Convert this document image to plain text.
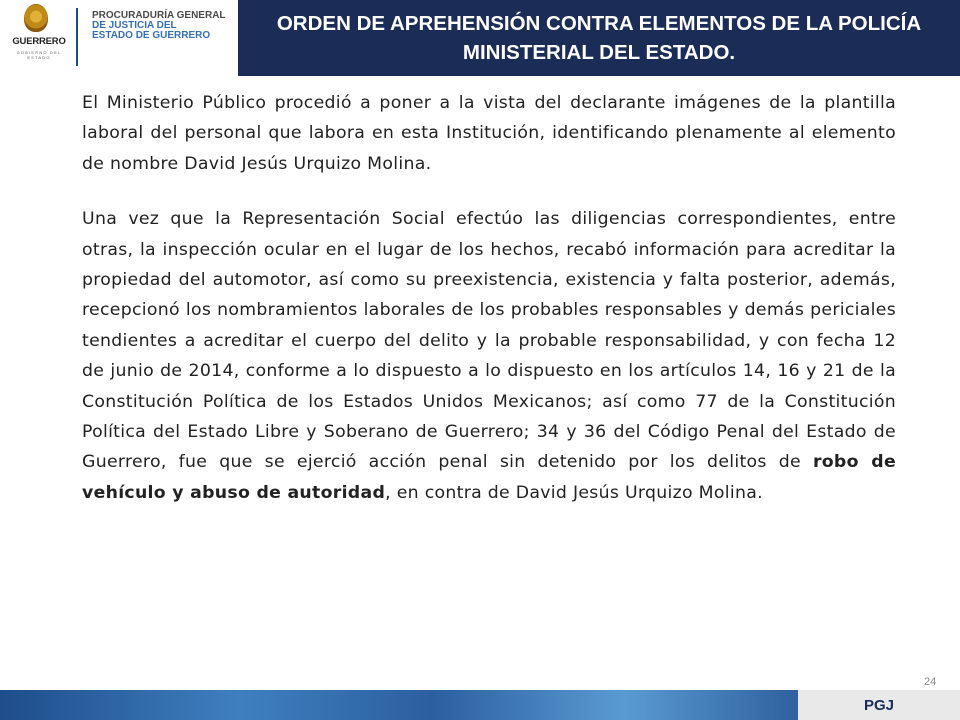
GUERRERO
GOBIERNO DEL ESTADO
PROCURADURÍA GENERAL
DE JUSTICIA DEL
ESTADO DE GUERRERO
ORDEN DE APREHENSIÓN CONTRA ELEMENTOS DE LA POLICÍA MINISTERIAL DEL ESTADO.

El Ministerio Público procedió a poner a la vista del declarante imágenes de la plantilla laboral del personal que labora en esta Institución, identificando plenamente al elemento de nombre David Jesús Urquizo Molina.

Una vez que la Representación Social efectúo las diligencias correspondientes, entre otras, la inspección ocular en el lugar de los hechos, recabó información para acreditar la propiedad del automotor, así como su preexistencia, existencia y falta posterior, además, recepcionó los nombramientos laborales de los probables responsables y demás periciales tendientes a acreditar el cuerpo del delito y la probable responsabilidad, y con fecha 12 de junio de 2014, conforme a lo dispuesto a lo dispuesto en los artículos 14, 16 y 21 de la Constitución Política de los Estados Unidos Mexicanos; así como 77 de la Constitución Política del Estado Libre y Soberano de Guerrero; 34 y 36 del Código Penal del Estado de Guerrero, fue que se ejerció acción penal sin detenido por los delitos de robo de vehículo y abuso de autoridad, en contra de David Jesús Urquizo Molina.

24
PGJ
